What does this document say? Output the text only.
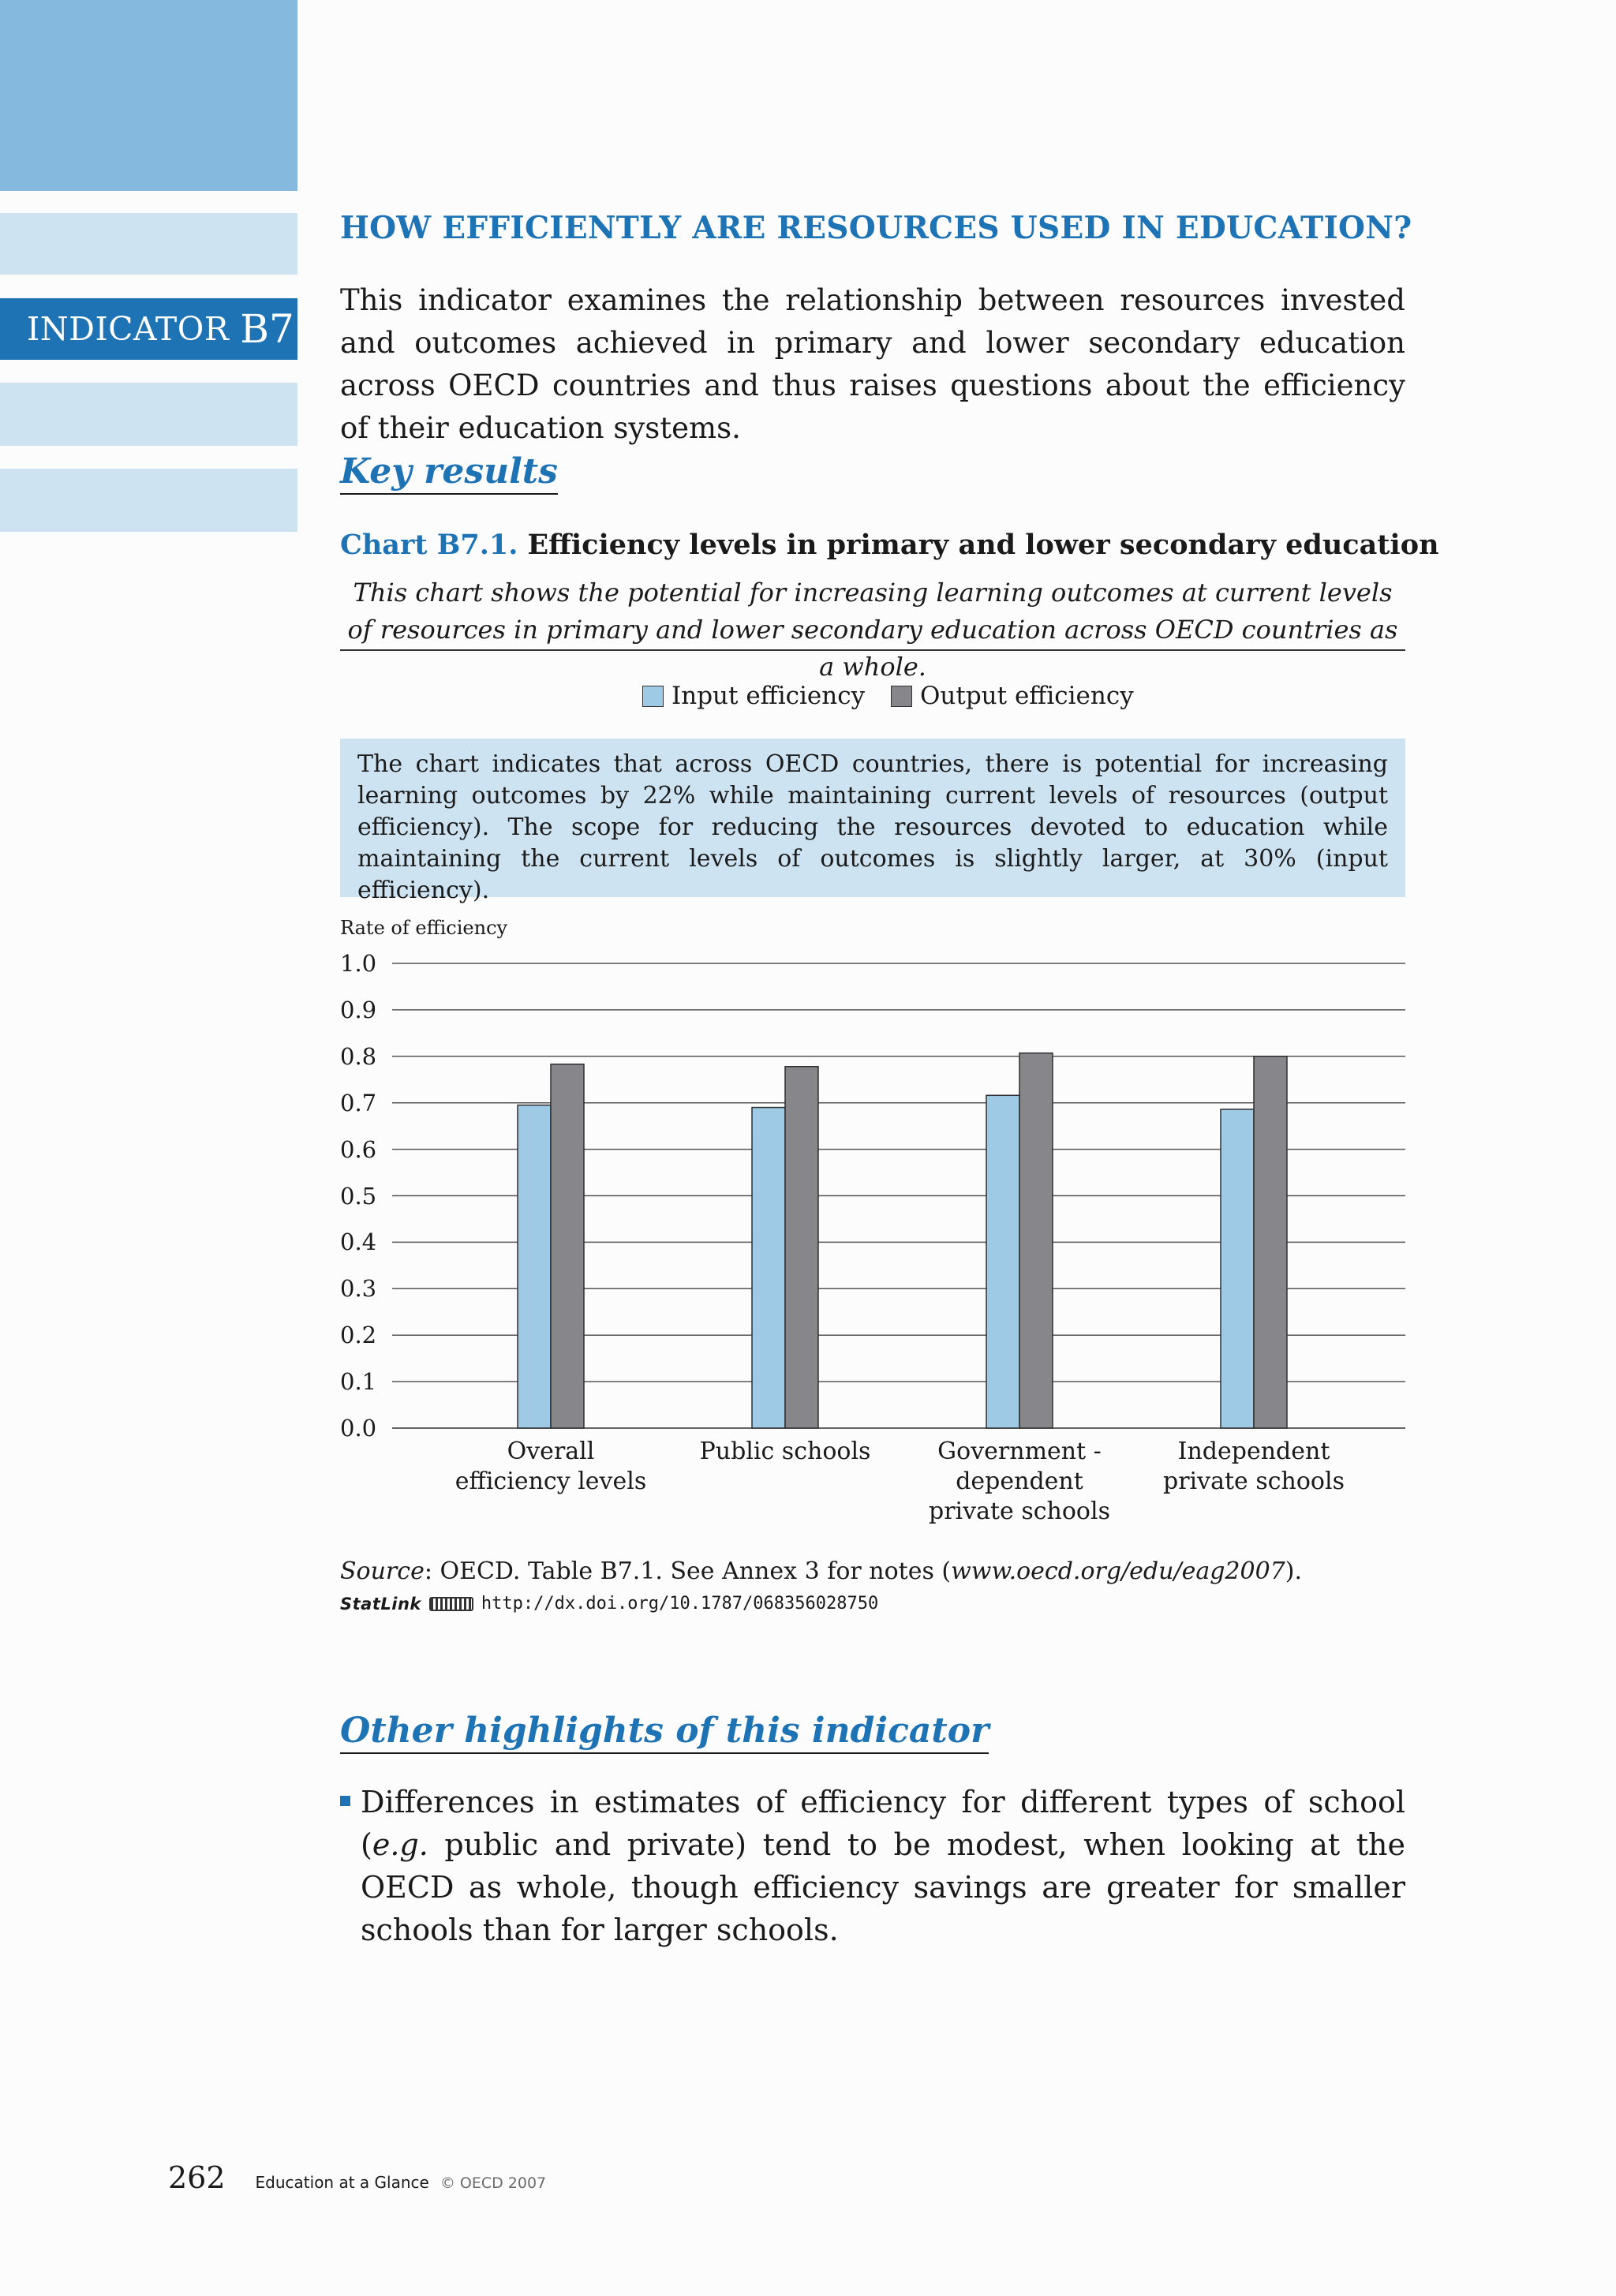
INDICATOR B7
HOW EFFICIENTLY ARE RESOURCES USED IN EDUCATION?
This indicator examines the relationship between resources invested and outcomes achieved in primary and lower secondary education across OECD countries and thus raises questions about the efficiency of their education systems.
Key results
Chart B7.1. Efficiency levels in primary and lower secondary education
This chart shows the potential for increasing learning outcomes at current levels of resources in primary and lower secondary education across OECD countries as a whole.
Input efficiency Output efficiency
The chart indicates that across OECD countries, there is potential for increasing learning outcomes by 22% while maintaining current levels of resources (output efficiency). The scope for reducing the resources devoted to education while maintaining the current levels of outcomes is slightly larger, at 30% (input efficiency).
Rate of efficiency
1.0
0.9
0.8
0.7
0.6
0.5
0.4
0.3
0.2
0.1
0.0
Overall
efficiency levels
Public schools	Government -
dependent
private schools
Independent
private schools
Source: OECD. Table B7.1. See Annex 3 for notes (www.oecd.org/edu/eag2007).
StatLink	http://dx.doi.org/10.1787/068356028750
Other highlights of this indicator
Differences in estimates of efficiency for different types of school (e.g. public and private) tend to be modest, when looking at the OECD as whole, though efficiency savings are greater for smaller schools than for larger schools.
262 Education at a Glance © OECD 2007
